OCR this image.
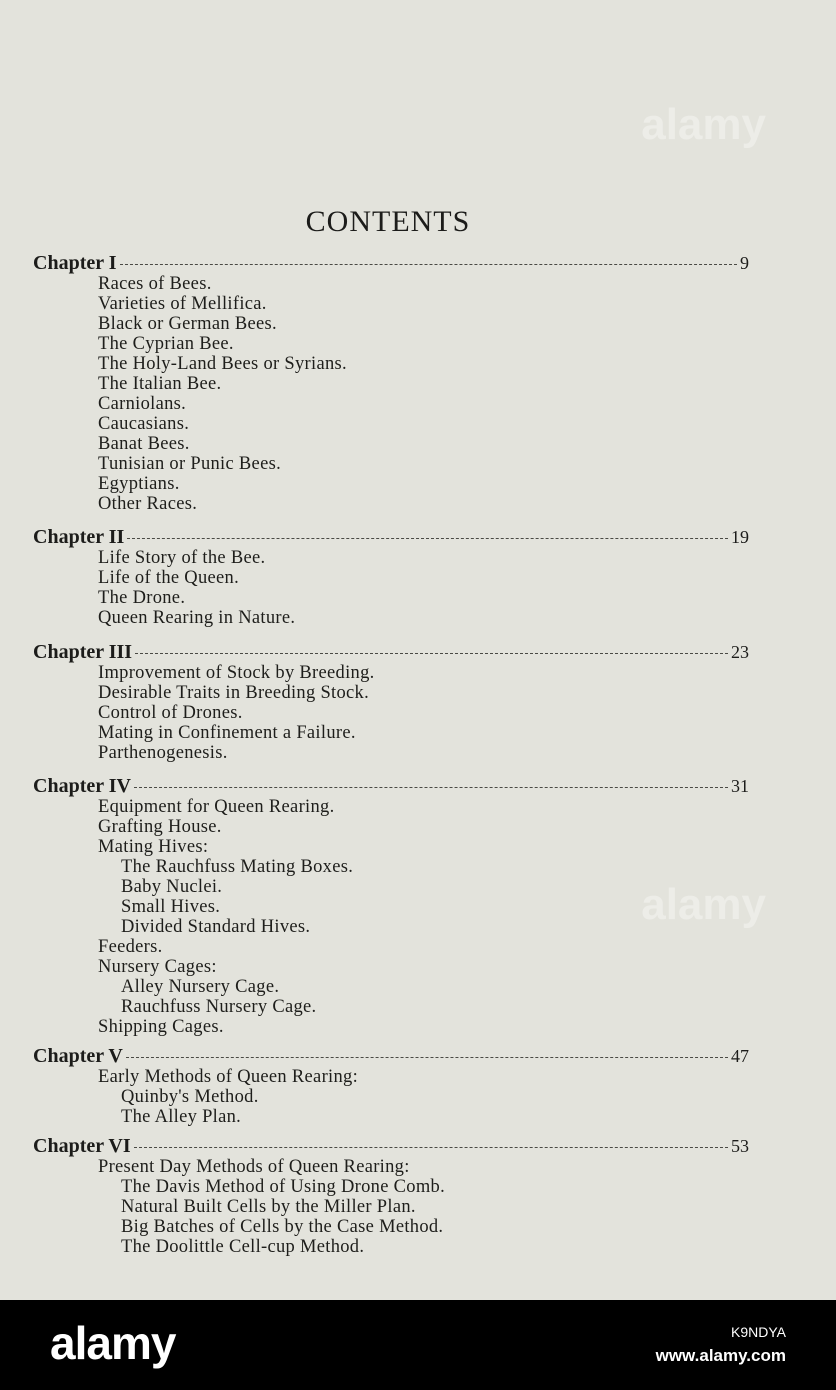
alamy
alamy
CONTENTS
Chapter I	9
Races of Bees.
Varieties of Mellifica.
Black or German Bees.
The Cyprian Bee.
The Holy-Land Bees or Syrians.
The Italian Bee.
Carniolans.
Caucasians.
Banat Bees.
Tunisian or Punic Bees.
Egyptians.
Other Races.
Chapter II	19
Life Story of the Bee.
Life of the Queen.
The Drone.
Queen Rearing in Nature.
Chapter III	23
Improvement of Stock by Breeding.
Desirable Traits in Breeding Stock.
Control of Drones.
Mating in Confinement a Failure.
Parthenogenesis.
Chapter IV	31
Equipment for Queen Rearing.
Grafting House.
Mating Hives:
The Rauchfuss Mating Boxes.
Baby Nuclei.
Small Hives.
Divided Standard Hives.
Feeders.
Nursery Cages:
Alley Nursery Cage.
Rauchfuss Nursery Cage.
Shipping Cages.
Chapter V	47
Early Methods of Queen Rearing:
Quinby's Method.
The Alley Plan.
Chapter VI	53
Present Day Methods of Queen Rearing:
The Davis Method of Using Drone Comb.
Natural Built Cells by the Miller Plan.
Big Batches of Cells by the Case Method.
The Doolittle Cell-cup Method.
alamy	K9NDYA
www.alamy.com
